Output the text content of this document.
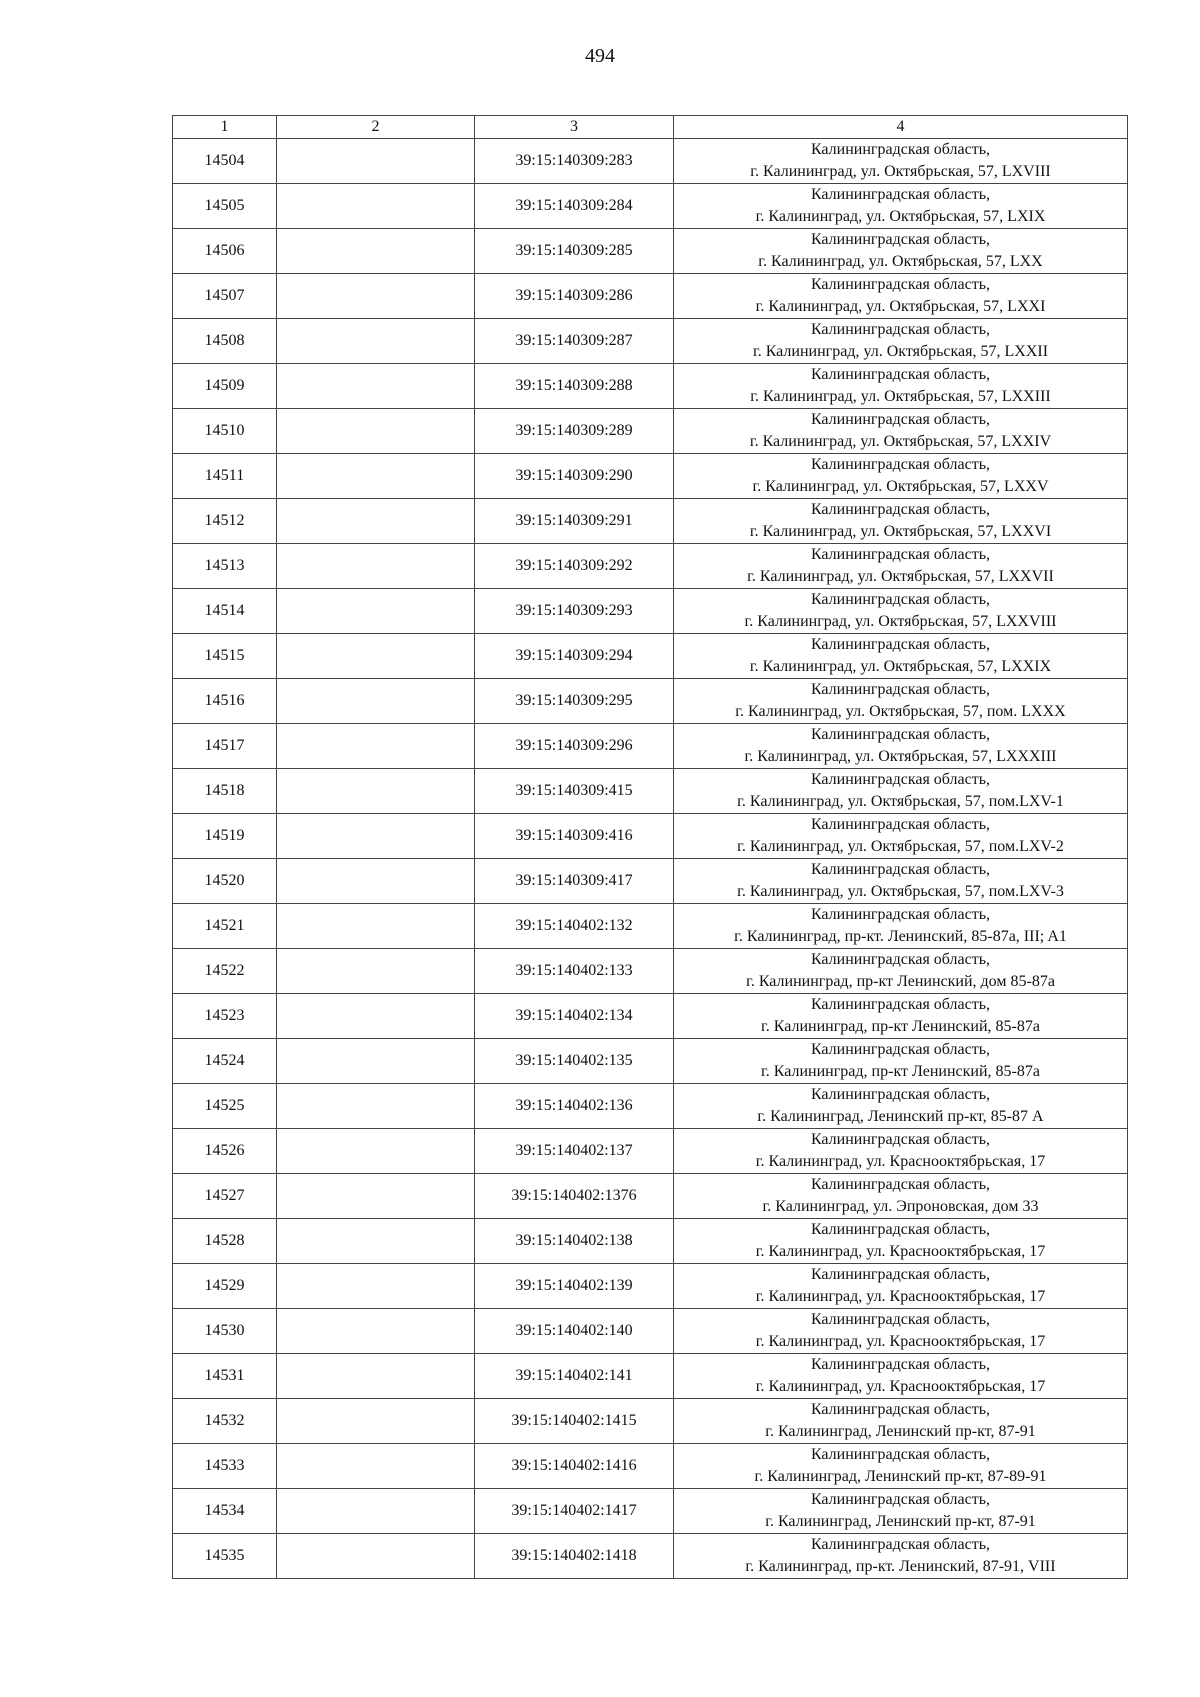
494
1	2	3	4
14504		39:15:140309:283	Калининградская область,
г. Калининград, ул. Октябрьская, 57, LXVIII

14505		39:15:140309:284	Калининградская область,
г. Калининград, ул. Октябрьская, 57, LXIX

14506		39:15:140309:285	Калининградская область,
г. Калининград, ул. Октябрьская, 57, LXX

14507		39:15:140309:286	Калининградская область,
г. Калининград, ул. Октябрьская, 57, LXXI

14508		39:15:140309:287	Калининградская область,
г. Калининград, ул. Октябрьская, 57, LXXII

14509		39:15:140309:288	Калининградская область,
г. Калининград, ул. Октябрьская, 57, LXXIII

14510		39:15:140309:289	Калининградская область,
г. Калининград, ул. Октябрьская, 57, LXXIV

14511		39:15:140309:290	Калининградская область,
г. Калининград, ул. Октябрьская, 57, LXXV

14512		39:15:140309:291	Калининградская область,
г. Калининград, ул. Октябрьская, 57, LXXVI

14513		39:15:140309:292	Калининградская область,
г. Калининград, ул. Октябрьская, 57, LXXVII

14514		39:15:140309:293	Калининградская область,
г. Калининград, ул. Октябрьская, 57, LXXVIII

14515		39:15:140309:294	Калининградская область,
г. Калининград, ул. Октябрьская, 57, LXXIX

14516		39:15:140309:295	Калининградская область,
г. Калининград, ул. Октябрьская, 57, пом. LXXX

14517		39:15:140309:296	Калининградская область,
г. Калининград, ул. Октябрьская, 57, LXXXIII

14518		39:15:140309:415	Калининградская область,
г. Калининград, ул. Октябрьская, 57, пом.LXV-1

14519		39:15:140309:416	Калининградская область,
г. Калининград, ул. Октябрьская, 57, пом.LXV-2

14520		39:15:140309:417	Калининградская область,
г. Калининград, ул. Октябрьская, 57, пом.LXV-3

14521		39:15:140402:132	Калининградская область,
г. Калининград, пр-кт. Ленинский, 85-87а, III; A1

14522		39:15:140402:133	Калининградская область,
г. Калининград, пр-кт Ленинский, дом 85-87а

14523		39:15:140402:134	Калининградская область,
г. Калининград, пр-кт Ленинский, 85-87а

14524		39:15:140402:135	Калининградская область,
г. Калининград, пр-кт Ленинский, 85-87а

14525		39:15:140402:136	Калининградская область,
г. Калининград, Ленинский пр-кт, 85-87 А

14526		39:15:140402:137	Калининградская область,
г. Калининград, ул. Краснооктябрьская, 17

14527		39:15:140402:1376	Калининградская область,
г. Калининград, ул. Эпроновская, дом 33

14528		39:15:140402:138	Калининградская область,
г. Калининград, ул. Краснооктябрьская, 17

14529		39:15:140402:139	Калининградская область,
г. Калининград, ул. Краснооктябрьская, 17

14530		39:15:140402:140	Калининградская область,
г. Калининград, ул. Краснооктябрьская, 17

14531		39:15:140402:141	Калининградская область,
г. Калининград, ул. Краснооктябрьская, 17

14532		39:15:140402:1415	Калининградская область,
г. Калининград, Ленинский пр-кт, 87-91

14533		39:15:140402:1416	Калининградская область,
г. Калининград, Ленинский пр-кт, 87-89-91

14534		39:15:140402:1417	Калининградская область,
г. Калининград, Ленинский пр-кт, 87-91

14535		39:15:140402:1418	Калининградская область,
г. Калининград, пр-кт. Ленинский, 87-91, VIII
